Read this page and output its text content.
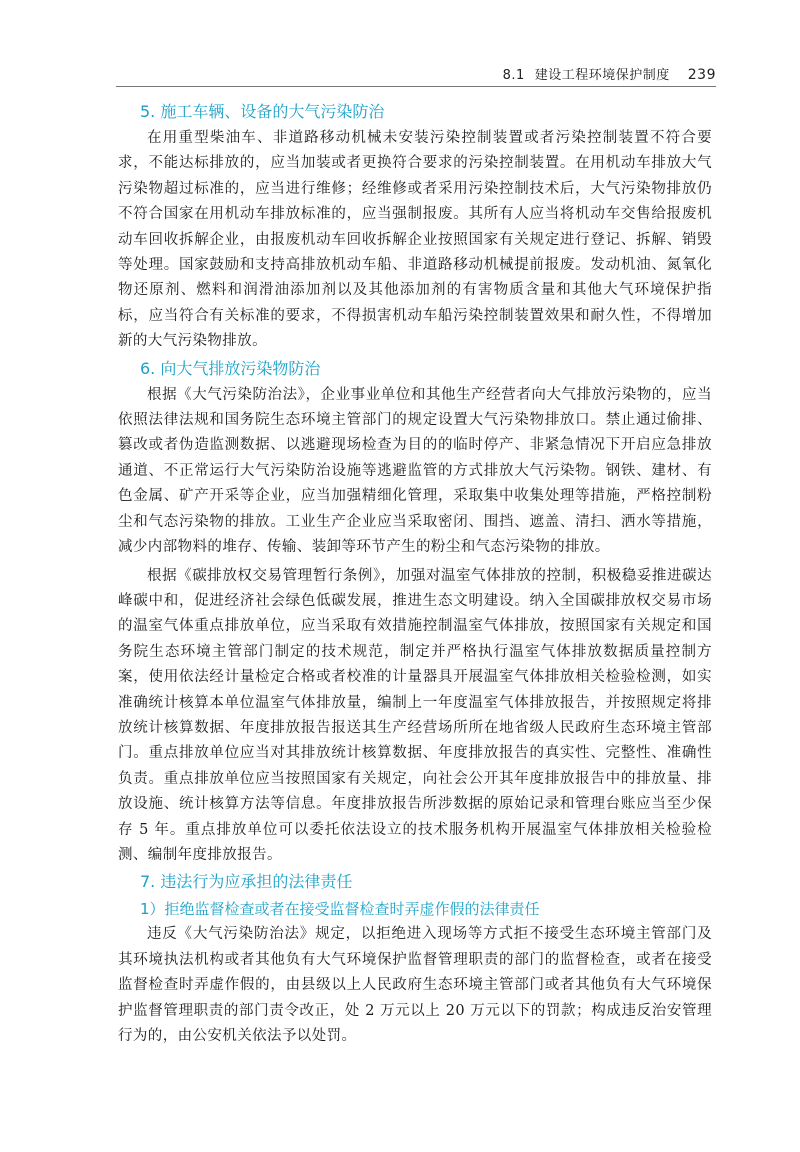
8.1 建设工程环境保护制度 239
5. 施工车辆、设备的大气污染防治

在用重型柴油车、非道路移动机械未安装污染控制装置或者污染控制装置不符合要求，不能达标排放的，应当加装或者更换符合要求的污染控制装置。在用机动车排放大气污染物超过标准的，应当进行维修；经维修或者采用污染控制技术后，大气污染物排放仍不符合国家在用机动车排放标准的，应当强制报废。其所有人应当将机动车交售给报废机动车回收拆解企业，由报废机动车回收拆解企业按照国家有关规定进行登记、拆解、销毁等处理。国家鼓励和支持高排放机动车船、非道路移动机械提前报废。发动机油、氮氧化物还原剂、燃料和润滑油添加剂以及其他添加剂的有害物质含量和其他大气环境保护指标，应当符合有关标准的要求，不得损害机动车船污染控制装置效果和耐久性，不得增加新的大气污染物排放。

6. 向大气排放污染物防治

根据《大气污染防治法》，企业事业单位和其他生产经营者向大气排放污染物的，应当依照法律法规和国务院生态环境主管部门的规定设置大气污染物排放口。禁止通过偷排、篡改或者伪造监测数据、以逃避现场检查为目的的临时停产、非紧急情况下开启应急排放通道、不正常运行大气污染防治设施等逃避监管的方式排放大气污染物。钢铁、建材、有色金属、矿产开采等企业，应当加强精细化管理，采取集中收集处理等措施，严格控制粉尘和气态污染物的排放。工业生产企业应当采取密闭、围挡、遮盖、清扫、洒水等措施，减少内部物料的堆存、传输、装卸等环节产生的粉尘和气态污染物的排放。

根据《碳排放权交易管理暂行条例》，加强对温室气体排放的控制，积极稳妥推进碳达峰碳中和，促进经济社会绿色低碳发展，推进生态文明建设。纳入全国碳排放权交易市场的温室气体重点排放单位，应当采取有效措施控制温室气体排放，按照国家有关规定和国务院生态环境主管部门制定的技术规范，制定并严格执行温室气体排放数据质量控制方案，使用依法经计量检定合格或者校准的计量器具开展温室气体排放相关检验检测，如实准确统计核算本单位温室气体排放量，编制上一年度温室气体排放报告，并按照规定将排放统计核算数据、年度排放报告报送其生产经营场所所在地省级人民政府生态环境主管部门。重点排放单位应当对其排放统计核算数据、年度排放报告的真实性、完整性、准确性负责。重点排放单位应当按照国家有关规定，向社会公开其年度排放报告中的排放量、排放设施、统计核算方法等信息。年度排放报告所涉数据的原始记录和管理台账应当至少保存 5 年。重点排放单位可以委托依法设立的技术服务机构开展温室气体排放相关检验检测、编制年度排放报告。

7. 违法行为应承担的法律责任
1）拒绝监督检查或者在接受监督检查时弄虚作假的法律责任

违反《大气污染防治法》规定，以拒绝进入现场等方式拒不接受生态环境主管部门及其环境执法机构或者其他负有大气环境保护监督管理职责的部门的监督检查，或者在接受监督检查时弄虚作假的，由县级以上人民政府生态环境主管部门或者其他负有大气环境保护监督管理职责的部门责令改正，处 2 万元以上 20 万元以下的罚款；构成违反治安管理行为的，由公安机关依法予以处罚。
